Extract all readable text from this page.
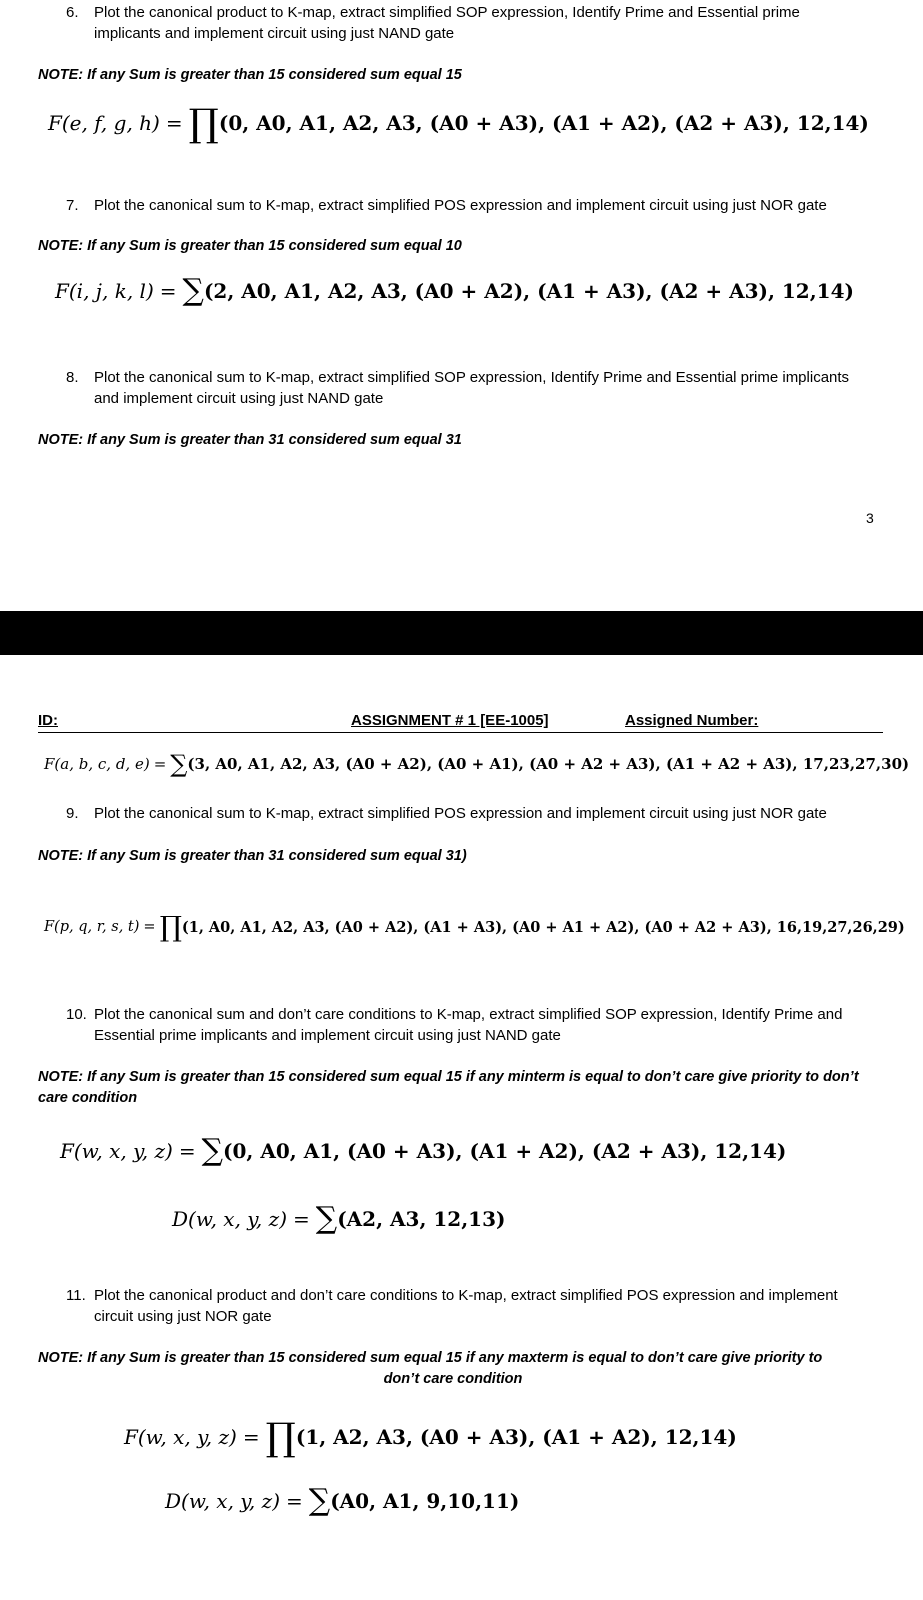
6.	Plot the canonical product to K-map, extract simplified SOP expression, Identify Prime and Essential prime implicants and implement circuit using just NAND gate
NOTE: If any Sum is greater than 15 considered sum equal 15
F(e, f, g, h) = ∏ (0, A0, A1, A2, A3, (A0 + A3), (A1 + A2), (A2 + A3), 12,14)
7.	Plot the canonical sum to K-map, extract simplified POS expression and implement circuit using just NOR gate
NOTE: If any Sum is greater than 15 considered sum equal 10
F(i, j, k, l) = ∑ (2, A0, A1, A2, A3, (A0 + A2), (A1 + A3), (A2 + A3), 12,14)
8.	Plot the canonical sum to K-map, extract simplified SOP expression, Identify Prime and Essential prime implicants and implement circuit using just NAND gate
NOTE: If any Sum is greater than 31 considered sum equal 31
3
ID:	ASSIGNMENT # 1 [EE-1005]	Assigned Number:
F(a, b, c, d, e) = ∑ (3, A0, A1, A2, A3, (A0 + A2), (A0 + A1), (A0 + A2 + A3), (A1 + A2 + A3), 17,23,27,30)
9.	Plot the canonical sum to K-map, extract simplified POS expression and implement circuit using just NOR gate
NOTE: If any Sum is greater than 31 considered sum equal 31)
F(p, q, r, s, t) = ∏ (1, A0, A1, A2, A3, (A0 + A2), (A1 + A3), (A0 + A1 + A2), (A0 + A2 + A3), 16,19,27,26,29)
10. Plot the canonical sum and don’t care conditions to K-map, extract simplified SOP expression, Identify Prime and Essential prime implicants and implement circuit using just NAND gate
NOTE: If any Sum is greater than 15 considered sum equal 15 if any minterm is equal to don’t care give priority to don’t care condition
F(w, x, y, z) = ∑ (0, A0, A1, (A0 + A3), (A1 + A2), (A2 + A3), 12,14)
D(w, x, y, z) = ∑ (A2, A3, 12,13)
11. Plot the canonical product and don’t care conditions to K-map, extract simplified POS expression and implement circuit using just NOR gate
NOTE: If any Sum is greater than 15 considered sum equal 15 if any maxterm is equal to don’t care give priority to
don’t care condition
F(w, x, y, z) = ∏ (1, A2, A3, (A0 + A3), (A1 + A2), 12,14)
D(w, x, y, z) = ∑ (A0, A1, 9,10,11)
